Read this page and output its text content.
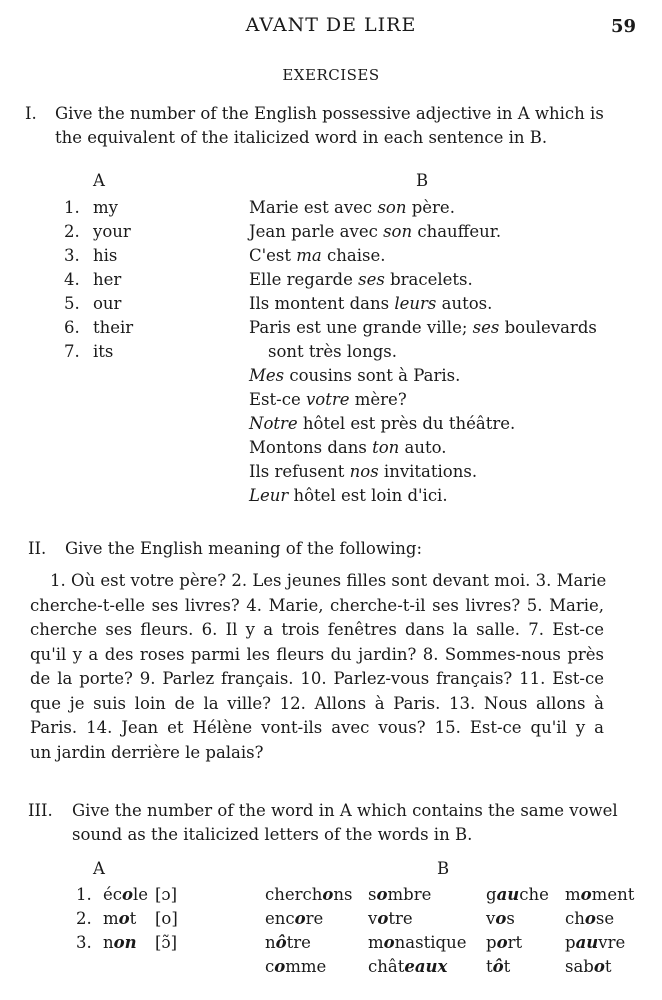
AVANT DE LIRE	59
EXERCISES
I. Give the number of the English possessive adjective in A which is
the equivalent of the italicized word in each sentence in B.
A	B
1. my
2. your
3. his
4. her
5. our
6. their
7. its
Marie est avec son père.
Jean parle avec son chauffeur.
C'est ma chaise.
Elle regarde ses bracelets.
Ils montent dans leurs autos.
Paris est une grande ville; ses boulevards
sont très longs.
Mes cousins sont à Paris.
Est-ce votre mère?
Notre hôtel est près du théâtre.
Montons dans ton auto.
Ils refusent nos invitations.
Leur hôtel est loin d'ici.
II. Give the English meaning of the following:
1. Où est votre père? 2. Les jeunes filles sont devant moi. 3. Marie
cherche-t-elle ses livres? 4. Marie, cherche-t-il ses livres? 5. Marie,
cherche ses fleurs. 6. Il y a trois fenêtres dans la salle. 7. Est-ce
qu'il y a des roses parmi les fleurs du jardin? 8. Sommes-nous près
de la porte? 9. Parlez français. 10. Parlez-vous français? 11. Est-ce
que je suis loin de la ville? 12. Allons à Paris. 13. Nous allons à
Paris. 14. Jean et Hélène vont-ils avec vous? 15. Est-ce qu'il y a
un jardin derrière le palais?
III. Give the number of the word in A which contains the same vowel
sound as the italicized letters of the words in B.
A	B
1. école [ɔ]
2. mot [o]
3. non [ɔ̃]
cherchons sombre	gauche moment
encore	votre	vos	chose
nôtre	monastique port	pauvre
comme	châteaux tôt	sabot
